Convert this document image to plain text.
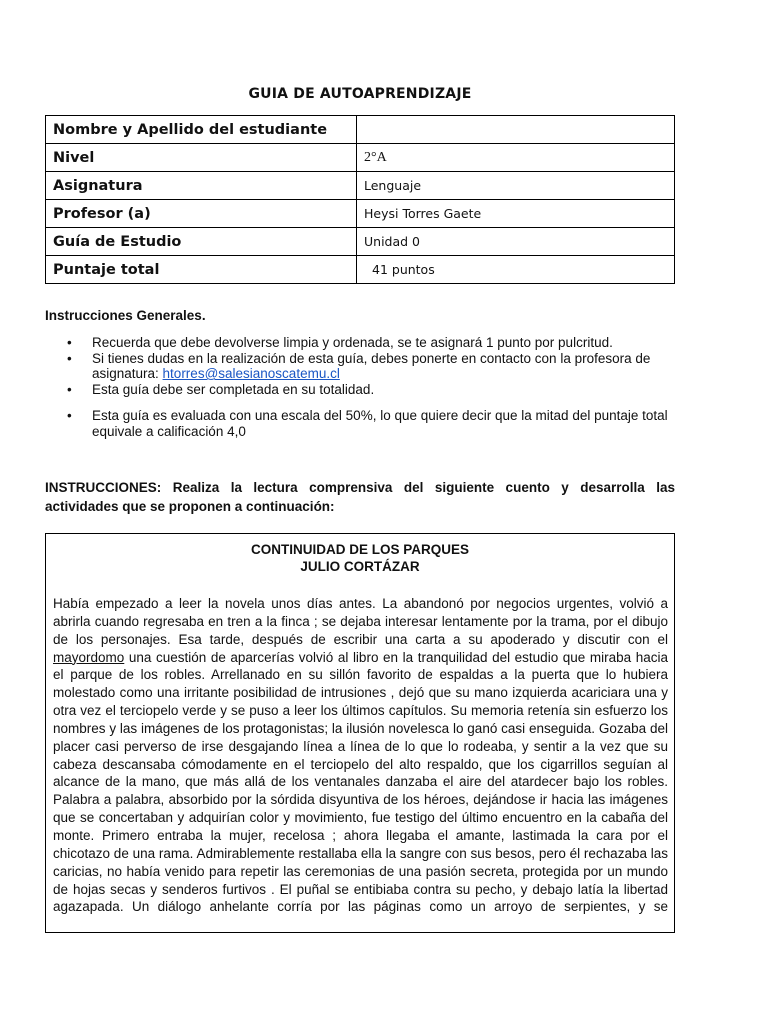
GUIA DE AUTOAPRENDIZAJE
Nombre y Apellido del estudiante	
Nivel	2°A
Asignatura	Lenguaje
Profesor (a)	Heysi Torres Gaete
Guía de Estudio	Unidad 0
Puntaje total	41 puntos
Instrucciones Generales.
• Recuerda que debe devolverse limpia y ordenada, se te asignará 1 punto por pulcritud.
• Si tienes dudas en la realización de esta guía, debes ponerte en contacto con la profesora de asignatura: htorres@salesianoscatemu.cl
• Esta guía debe ser completada en su totalidad.
• Esta guía es evaluada con una escala del 50%, lo que quiere decir que la mitad del puntaje total equivale a calificación 4,0
INSTRUCCIONES: Realiza la lectura comprensiva del siguiente cuento y desarrolla las actividades que se proponen a continuación:
CONTINUIDAD DE LOS PARQUES
JULIO CORTÁZAR
Había empezado a leer la novela unos días antes. La abandonó por negocios urgentes, volvió a abrirla cuando regresaba en tren a la finca ; se dejaba interesar lentamente por la trama, por el dibujo de los personajes. Esa tarde, después de escribir una carta a su apoderado y discutir con el mayordomo una cuestión de aparcerías volvió al libro en la tranquilidad del estudio que miraba hacia el parque de los robles. Arrellanado en su sillón favorito de espaldas a la puerta que lo hubiera molestado como una irritante posibilidad de intrusiones , dejó que su mano izquierda acariciara una y otra vez el terciopelo verde y se puso a leer los últimos capítulos. Su memoria retenía sin esfuerzo los nombres y las imágenes de los protagonistas; la ilusión novelesca lo ganó casi enseguida. Gozaba del placer casi perverso de irse desgajando línea a línea de lo que lo rodeaba, y sentir a la vez que su cabeza descansaba cómodamente en el terciopelo del alto respaldo, que los cigarrillos seguían al alcance de la mano, que más allá de los ventanales danzaba el aire del atardecer bajo los robles. Palabra a palabra, absorbido por la sórdida disyuntiva de los héroes, dejándose ir hacia las imágenes que se concertaban y adquirían color y movimiento, fue testigo del último encuentro en la cabaña del monte. Primero entraba la mujer, recelosa ; ahora llegaba el amante, lastimada la cara por el chicotazo de una rama. Admirablemente restallaba ella la sangre con sus besos, pero él rechazaba las caricias, no había venido para repetir las ceremonias de una pasión secreta, protegida por un mundo de hojas secas y senderos furtivos . El puñal se entibiaba contra su pecho, y debajo latía la libertad agazapada. Un diálogo anhelante corría por las páginas como un arroyo de serpientes, y se
